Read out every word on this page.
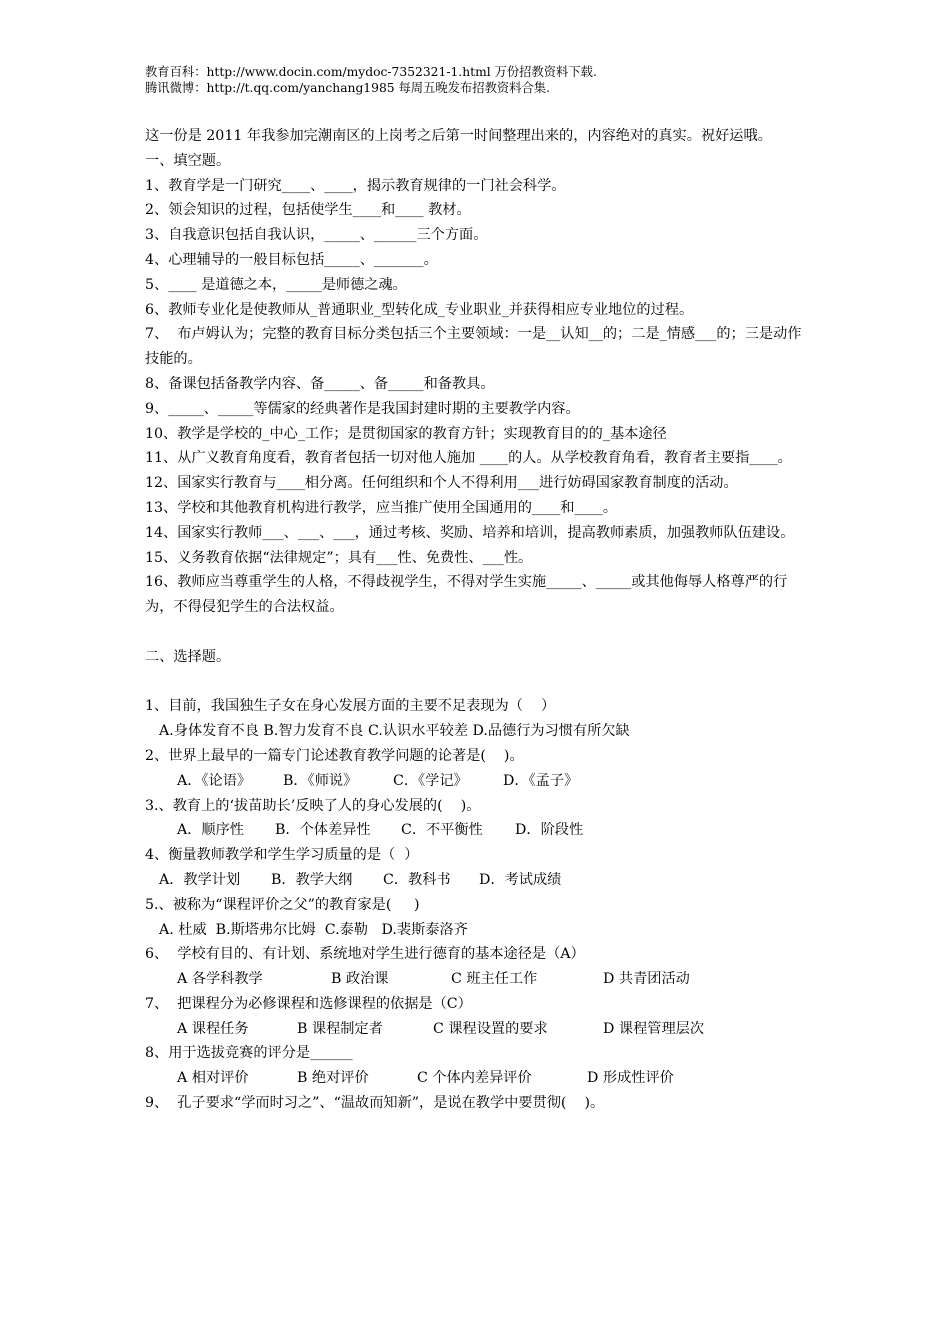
教育百科：http://www.docin.com/mydoc-7352321-1.html 万份招教资料下载.
腾讯微博：http://t.qq.com/yanchang1985 每周五晚发布招教资料合集.
这一份是 2011 年我参加完潮南区的上岗考之后第一时间整理出来的，内容绝对的真实。祝好运哦。
一、填空题。
1、教育学是一门研究____、____，揭示教育规律的一门社会科学。
2、领会知识的过程，包括使学生____和____ 教材。
3、自我意识包括自我认识，_____、______三个方面。
4、心理辅导的一般目标包括_____、_______。
5、____ 是道德之本，_____是师德之魂。
6、教师专业化是使教师从_普通职业_型转化成_专业职业_并获得相应专业地位的过程。
7、  布卢姆认为；完整的教育目标分类包括三个主要领域：一是__认知__的；二是_情感___的；三是动作技能的。
8、备课包括备教学内容、备_____、备_____和备教具。
9、_____、_____等儒家的经典著作是我国封建时期的主要教学内容。
10、教学是学校的_中心_工作；是贯彻国家的教育方针；实现教育目的的_基本途径
11、从广义教育角度看，教育者包括一切对他人施加 ____的人。从学校教育角看，教育者主要指____。
12、国家实行教育与____相分离。任何组织和个人不得利用___进行妨碍国家教育制度的活动。
13、学校和其他教育机构进行教学，应当推广使用全国通用的____和____。
14、国家实行教师___、___、___，通过考核、奖励、培养和培训，提高教师素质，加强教师队伍建设。
15、义务教育依据“法律规定”；具有___性、免费性、___性。
16、教师应当尊重学生的人格，不得歧视学生，不得对学生实施_____、_____或其他侮辱人格尊严的行为，不得侵犯学生的合法权益。
二、选择题。
1、目前，我国独生子女在身心发展方面的主要不足表现为（    ）
A.身体发育不良 B.智力发育不良 C.认识水平较差 D.品德行为习惯有所欠缺
2、世界上最早的一篇专门论述教育教学问题的论著是(    )。
A．《论语》 B．《师说》	C．《学记》 D．《孟子》
3.、教育上的‘拔苗助长’反映了人的身心发展的(    )。
A．顺序性 B．个体差异性 C．不平衡性 D．阶段性
4、衡量教师教学和学生学习质量的是（  ）
A．教学计划 B．教学大纲 C．教科书 D．考试成绩
5.、被称为“课程评价之父”的教育家是(     )
A. 杜威  B.斯塔弗尔比姆  C.泰勒   D.裴斯泰洛齐
6、  学校有目的、有计划、系统地对学生进行德育的基本途径是（A）
A 各学科教学	B 政治课	C 班主任工作	D 共青团活动
7、  把课程分为必修课程和选修课程的依据是（C）
A 课程任务	B 课程制定者	C 课程设置的要求	D 课程管理层次
8、用于选拔竞赛的评分是______
A 相对评价	B 绝对评价	C 个体内差异评价	D 形成性评价
9、  孔子要求“学而时习之”、“温故而知新”，是说在教学中要贯彻(    )。
